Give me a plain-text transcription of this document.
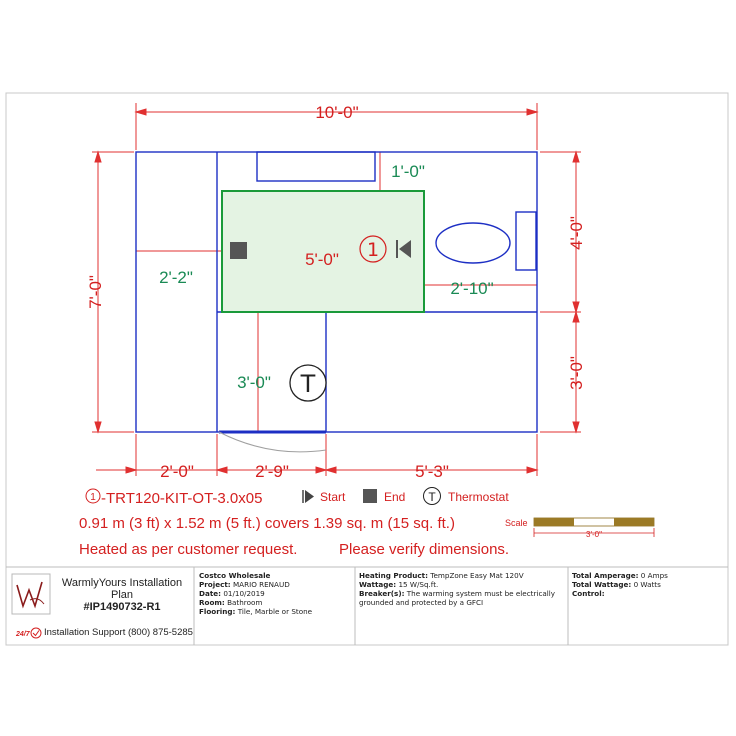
1
T
10'-0"
7'-0"
4'-0"
3'-0"
2'-0"	2'-9"	5'-3"
5'-0"
2'-2"
1'-0"
2'-10"
3'-0"
1 -TRT120-KIT-OT-3.0x05	Start	End T Thermostat
0.91 m (3 ft) x 1.52 m (5 ft.) covers 1.39 sq. m (15 sq. ft.)
Heated as per customer request.	Please verify dimensions.
Scale
3'-0"
24/7
WarmlyYours Installation
Plan
#IP1490732-R1
Installation Support (800) 875-5285
Costco Wholesale
Project: MARIO RENAUD
Date: 01/10/2019
Room: Bathroom
Flooring: Tile, Marble or Stone
Heating Product: TempZone Easy Mat 120V
Wattage: 15 W/Sq.ft.
Breaker(s): The warming system must be electrically
grounded and protected by a GFCI
Total Amperage: 0 Amps
Total Wattage: 0 Watts
Control:
